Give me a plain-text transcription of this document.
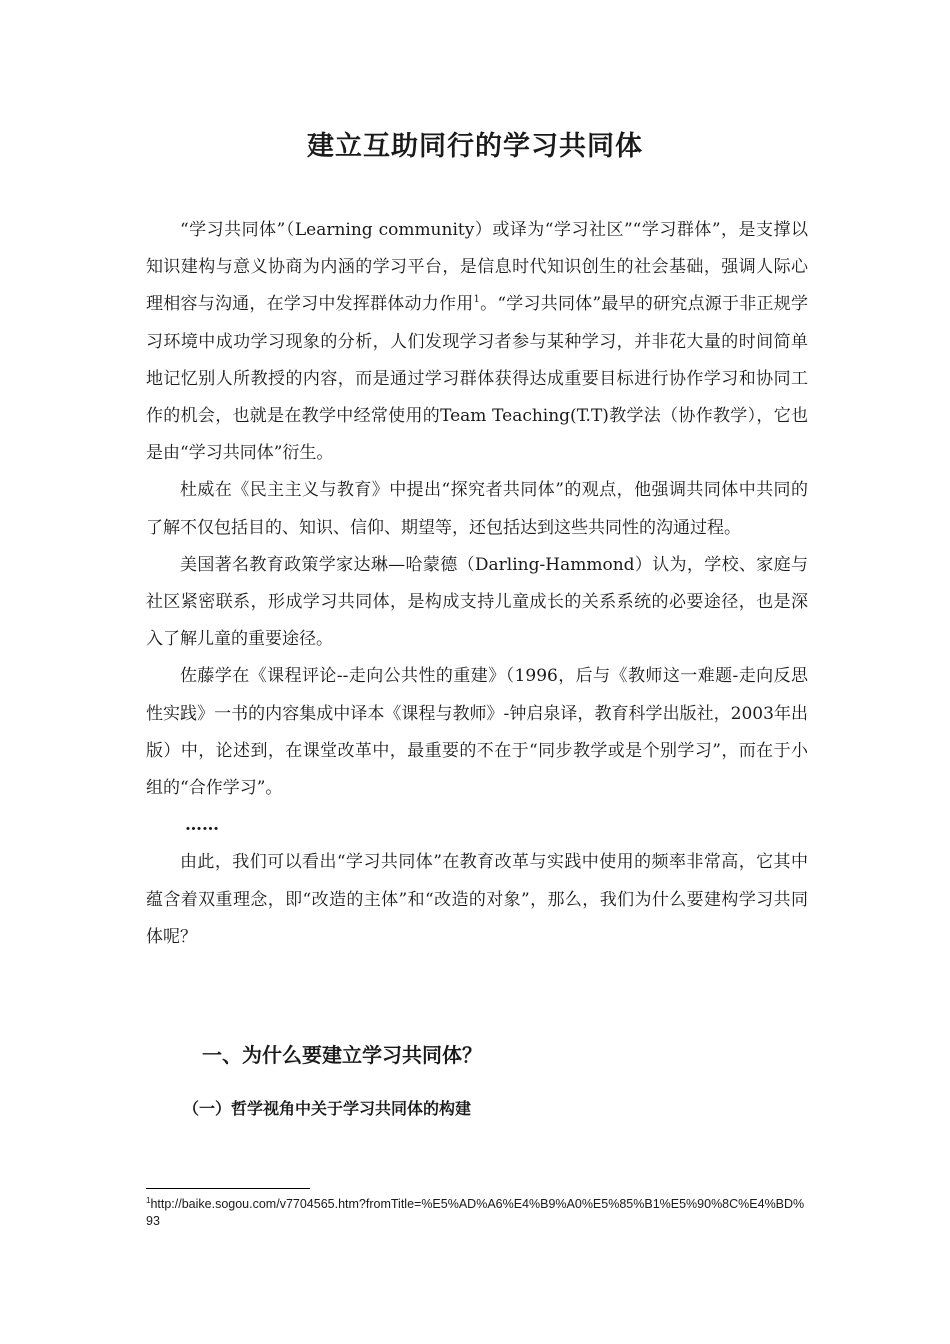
建立互助同行的学习共同体

“学习共同体”（Learning community）或译为“学习社区”“学习群体”，是支撑以知识建构与意义协商为内涵的学习平台，是信息时代知识创生的社会基础，强调人际心理相容与沟通，在学习中发挥群体动力作用$^1$。“学习共同体”最早的研究点源于非正规学习环境中成功学习现象的分析，人们发现学习者参与某种学习，并非花大量的时间简单地记忆别人所教授的内容，而是通过学习群体获得达成重要目标进行协作学习和协同工作的机会，也就是在教学中经常使用的Team Teaching(T.T)教学法（协作教学），它也是由“学习共同体”衍生。

杜威在《民主主义与教育》中提出“探究者共同体”的观点，他强调共同体中共同的了解不仅包括目的、知识、信仰、期望等，还包括达到这些共同性的沟通过程。

美国著名教育政策学家达琳—哈蒙德（Darling-Hammond）认为，学校、家庭与社区紧密联系，形成学习共同体，是构成支持儿童成长的关系系统的必要途径，也是深入了解儿童的重要途径。

佐藤学在《课程评论--走向公共性的重建》（1996，后与《教师这一难题-走向反思性实践》一书的内容集成中译本《课程与教师》-钟启泉译，教育科学出版社，2003年出版）中，论述到，在课堂改革中，最重要的不在于“同步教学或是个别学习”，而在于小组的“合作学习”。

……

由此，我们可以看出“学习共同体”在教育改革与实践中使用的频率非常高，它其中蕴含着双重理念，即“改造的主体”和“改造的对象”，那么，我们为什么要建构学习共同体呢？

一、为什么要建立学习共同体？
（一）哲学视角中关于学习共同体的构建
$^1$http://baike.sogou.com/v7704565.htm?fromTitle=%E5%AD%A6%E4%B9%A0%E5%85%B1%E5%90%8C%E4%BD%93
